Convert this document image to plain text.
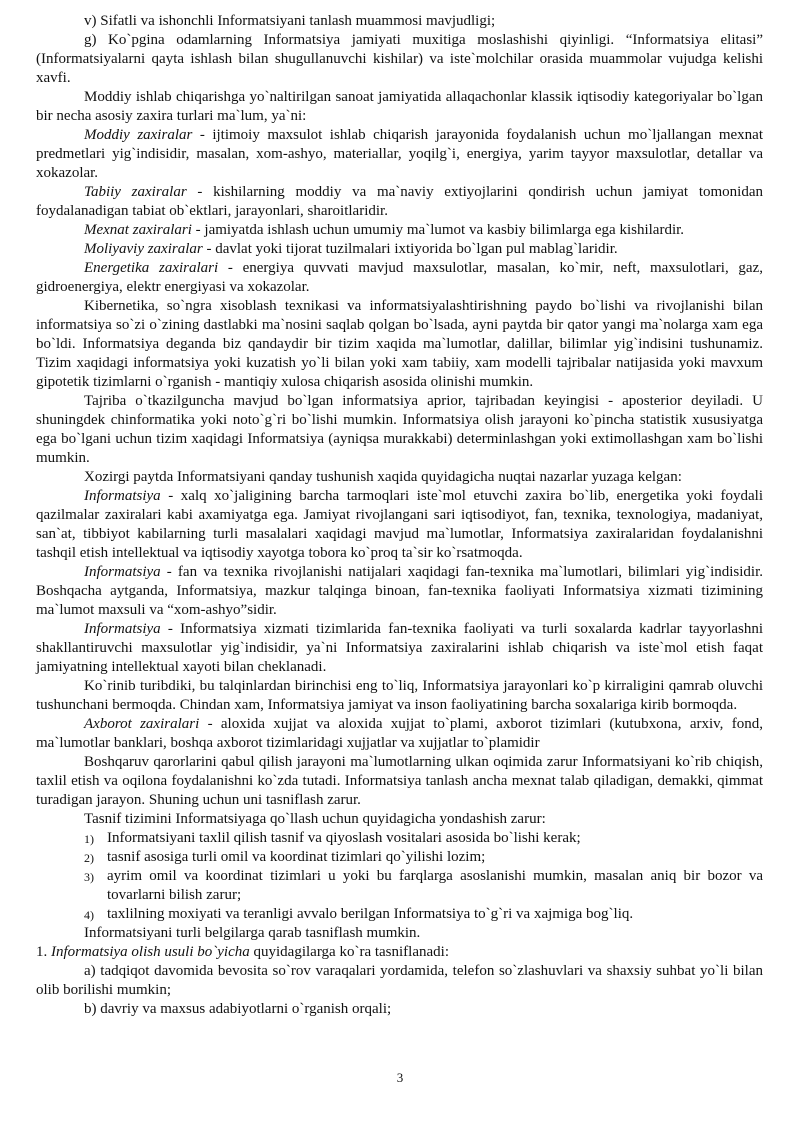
v) Sifatli va ishonchli Informatsiyani tanlash muammosi mavjudligi;

g) Ko`pgina odamlarning Informatsiya jamiyati muxitiga moslashishi qiyinligi. “Informatsiya elitasi” (Informatsiyalarni qayta ishlash bilan shugullanuvchi kishilar) va iste`molchilar orasida muammolar vujudga kelishi xavfi.

Moddiy ishlab chiqarishga yo`naltirilgan sanoat jamiyatida allaqachonlar klassik iqtisodiy kategoriyalar bo`lgan bir necha asosiy zaxira turlari ma`lum, ya`ni:

Moddiy zaxiralar - ijtimoiy maxsulot ishlab chiqarish jarayonida foydalanish uchun mo`ljallangan mexnat predmetlari yig`indisidir, masalan, xom-ashyo, materiallar, yoqilg`i, energiya, yarim tayyor maxsulotlar, detallar va xokazolar.

Tabiiy zaxiralar - kishilarning moddiy va ma`naviy extiyojlarini qondirish uchun jamiyat tomonidan foydalanadigan tabiat ob`ektlari, jarayonlari, sharoitlaridir.

Mexnat zaxiralari - jamiyatda ishlash uchun umumiy ma`lumot va kasbiy bilimlarga ega kishilardir.

Moliyaviy zaxiralar - davlat yoki tijorat tuzilmalari ixtiyorida bo`lgan pul mablag`laridir.

Energetika zaxiralari - energiya quvvati mavjud maxsulotlar, masalan, ko`mir, neft, maxsulotlari, gaz, gidroenergiya, elektr energiyasi va xokazolar.

Kibernetika, so`ngra xisoblash texnikasi va informatsiyalashtirishning paydo bo`lishi va rivojlanishi bilan informatsiya so`zi o`zining dastlabki ma`nosini saqlab qolgan bo`lsada, ayni paytda bir qator yangi ma`nolarga xam ega bo`ldi. Informatsiya deganda biz qandaydir bir tizim xaqida ma`lumotlar, dalillar, bilimlar yig`indisini tushunamiz. Tizim xaqidagi informatsiya yoki kuzatish yo`li bilan yoki xam tabiiy, xam modelli tajribalar natijasida yoki mavxum gipotetik tizimlarni o`rganish - mantiqiy xulosa chiqarish asosida olinishi mumkin.

Tajriba o`tkazilguncha mavjud bo`lgan informatsiya aprior, tajribadan keyingisi - aposterior deyiladi. U shuningdek chinformatika yoki noto`g`ri bo`lishi mumkin. Informatsiya olish jarayoni ko`pincha statistik xususiyatga ega bo`lgani uchun tizim xaqidagi Informatsiya (ayniqsa murakkabi) determinlashgan yoki extimollashgan xam bo`lishi mumkin.

Xozirgi paytda Informatsiyani qanday tushunish xaqida quyidagicha nuqtai nazarlar yuzaga kelgan:

Informatsiya - xalq xo`jaligining barcha tarmoqlari iste`mol etuvchi zaxira bo`lib, energetika yoki foydali qazilmalar zaxiralari kabi axamiyatga ega. Jamiyat rivojlangani sari iqtisodiyot, fan, texnika, texnologiya, madaniyat, san`at, tibbiyot kabilarning turli masalalari xaqidagi mavjud ma`lumotlar, Informatsiya zaxiralaridan foydalanishni tashqil etish intellektual va iqtisodiy xayotga tobora ko`proq ta`sir ko`rsatmoqda.

Informatsiya - fan va texnika rivojlanishi natijalari xaqidagi fan-texnika ma`lumotlari, bilimlari yig`indisidir. Boshqacha aytganda, Informatsiya, mazkur talqinga binoan, fan-texnika faoliyati Informatsiya xizmati tizimining ma`lumot maxsuli va “xom-ashyo”sidir.

Informatsiya - Informatsiya xizmati tizimlarida fan-texnika faoliyati va turli soxalarda kadrlar tayyorlashni shakllantiruvchi maxsulotlar yig`indisidir, ya`ni Informatsiya zaxiralarini ishlab chiqarish va iste`mol etish faqat jamiyatning intellektual xayoti bilan cheklanadi.

Ko`rinib turibdiki, bu talqinlardan birinchisi eng to`liq, Informatsiya jarayonlari ko`p kirraligini qamrab oluvchi tushunchani bermoqda. Chindan xam, Informatsiya jamiyat va inson faoliyatining barcha soxalariga kirib bormoqda.

Axborot zaxiralari - aloxida xujjat va aloxida xujjat to`plami, axborot tizimlari (kutubxona, arxiv, fond, ma`lumotlar banklari, boshqa axborot tizimlaridagi xujjatlar va xujjatlar to`plamidir

Boshqaruv qarorlarini qabul qilish jarayoni ma`lumotlarning ulkan oqimida zarur Informatsiyani ko`rib chiqish, taxlil etish va oqilona foydalanishni ko`zda tutadi. Informatsiya tanlash ancha mexnat talab qiladigan, demakki, qimmat turadigan jarayon. Shuning uchun uni tasniflash zarur.

Tasnif tizimini Informatsiyaga qo`llash uchun quyidagicha yondashish zarur:

1) Informatsiyani taxlil qilish tasnif va qiyoslash vositalari asosida bo`lishi kerak;
2) tasnif asosiga turli omil va koordinat tizimlari qo`yilishi lozim;
3) ayrim omil va koordinat tizimlari u yoki bu farqlarga asoslanishi mumkin, masalan aniq bir bozor va tovarlarni bilish zarur;
4) taxlilning moxiyati va teranligi avvalo berilgan Informatsiya to`g`ri va xajmiga bog`liq.

Informatsiyani turli belgilarga qarab tasniflash mumkin.

1. Informatsiya olish usuli bo`yicha quyidagilarga ko`ra tasniflanadi:

a) tadqiqot davomida bevosita so`rov varaqalari yordamida, telefon so`zlashuvlari va shaxsiy suhbat yo`li bilan olib borilishi mumkin;

b) davriy va maxsus adabiyotlarni o`rganish orqali;

3
